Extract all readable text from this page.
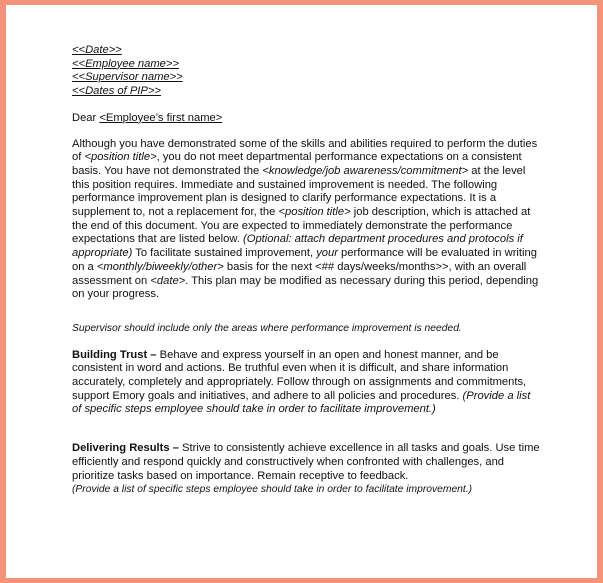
<<Date>>
<<Employee name>>
<<Supervisor name>>
<<Dates of PIP>>
Dear <Employee’s first name>
Although you have demonstrated some of the skills and abilities required to perform the duties of <position title>, you do not meet departmental performance expectations on a consistent basis. You have not demonstrated the <knowledge/job awareness/commitment> at the level this position requires. Immediate and sustained improvement is needed. The following performance improvement plan is designed to clarify performance expectations. It is a supplement to, not a replacement for, the <position title> job description, which is attached at the end of this document. You are expected to immediately demonstrate the performance expectations that are listed below. (Optional: attach department procedures and protocols if appropriate) To facilitate sustained improvement, your performance will be evaluated in writing on a <monthly/biweekly/other> basis for the next <## days/weeks/months>>, with an overall assessment on <date>. This plan may be modified as necessary during this period, depending on your progress.
Supervisor should include only the areas where performance improvement is needed.
Building Trust – Behave and express yourself in an open and honest manner, and be consistent in word and actions. Be truthful even when it is difficult, and share information accurately, completely and appropriately. Follow through on assignments and commitments, support Emory goals and initiatives, and adhere to all policies and procedures. (Provide a list of specific steps employee should take in order to facilitate improvement.)
Delivering Results – Strive to consistently achieve excellence in all tasks and goals. Use time efficiently and respond quickly and constructively when confronted with challenges, and prioritize tasks based on importance. Remain receptive to feedback.
(Provide a list of specific steps employee should take in order to facilitate improvement.)
